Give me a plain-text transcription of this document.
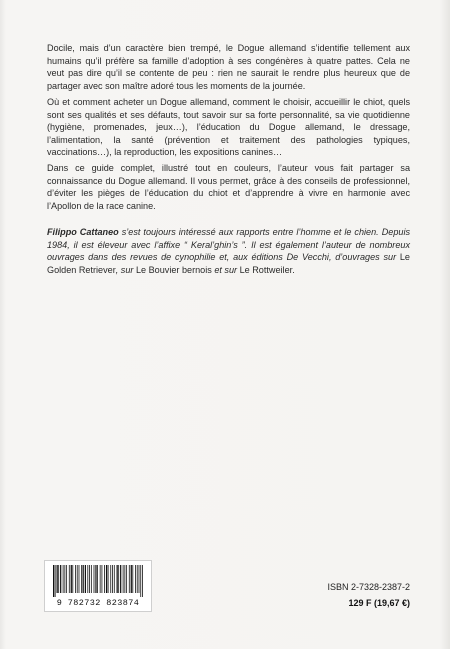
Docile, mais d’un caractère bien trempé, le Dogue allemand s’identifie tellement aux humains qu’il préfère sa famille d’adoption à ses congénères à quatre pattes. Cela ne veut pas dire qu’il se contente de peu : rien ne saurait le rendre plus heureux que de partager avec son maître adoré tous les moments de la journée.

Où et comment acheter un Dogue allemand, comment le choisir, accueillir le chiot, quels sont ses qualités et ses défauts, tout savoir sur sa forte personnalité, sa vie quotidienne (hygiène, promenades, jeux…), l’éducation du Dogue allemand, le dressage, l’alimentation, la santé (prévention et traitement des pathologies typiques, vaccinations…), la reproduction, les expositions canines…

Dans ce guide complet, illustré tout en couleurs, l’auteur vous fait partager sa connaissance du Dogue allemand. Il vous permet, grâce à des conseils de professionnel, d’éviter les pièges de l’éducation du chiot et d’apprendre à vivre en harmonie avec l’Apollon de la race canine.

Filippo Cattaneo s’est toujours intéressé aux rapports entre l’homme et le chien. Depuis 1984, il est éleveur avec l’affixe “ Keral’ghin’s ”. Il est également l’auteur de nombreux ouvrages dans des revues de cynophilie et, aux éditions De Vecchi, d’ouvrages sur Le Golden Retriever, sur Le Bouvier bernois et sur Le Rottweiler.

9 782732 823874
ISBN 2-7328-2387-2
129 F (19,67 €)
